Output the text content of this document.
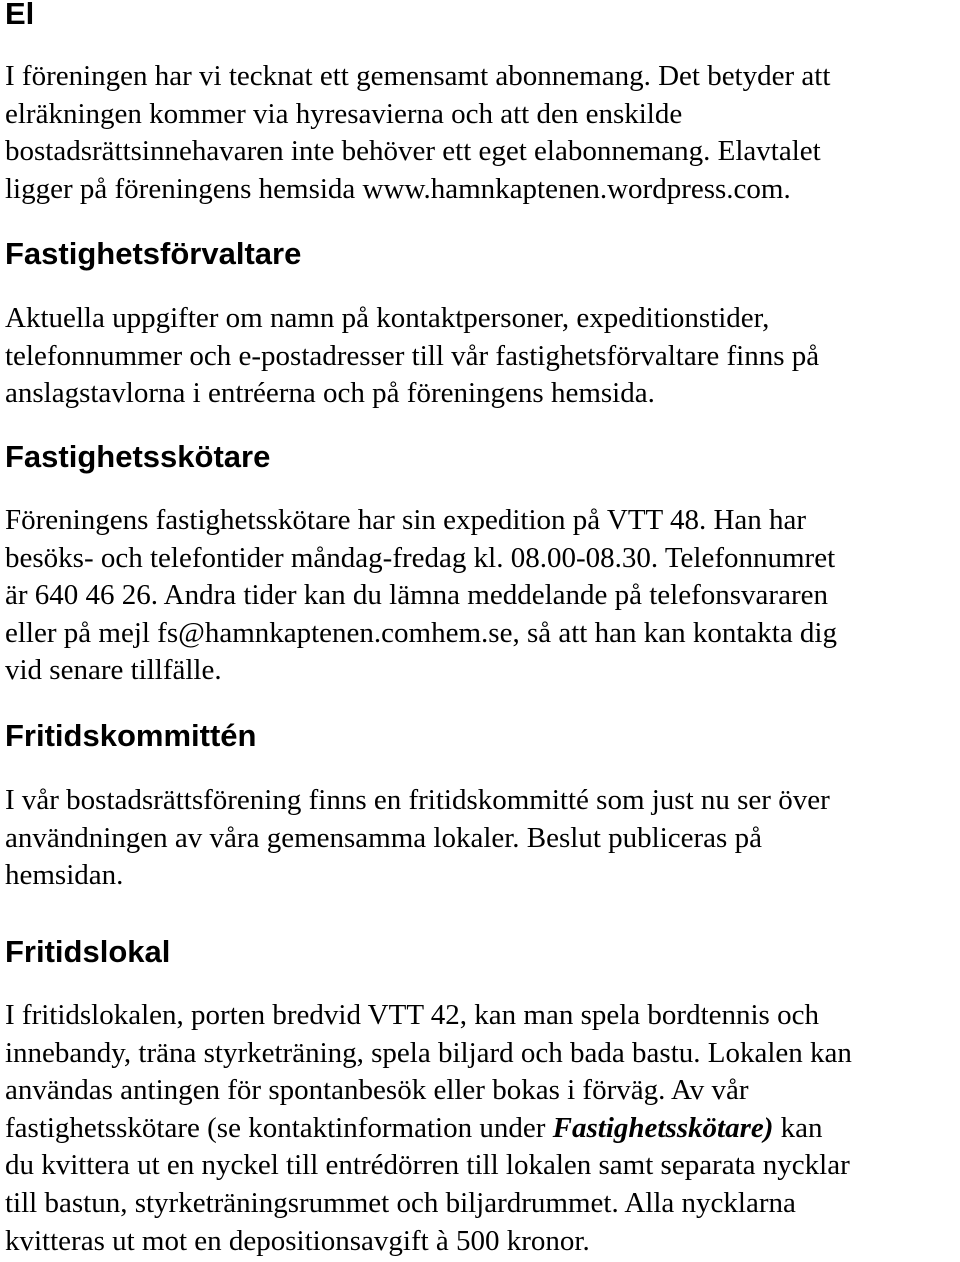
El

I föreningen har vi tecknat ett gemensamt abonnemang. Det betyder att
elräkningen kommer via hyresavierna och att den enskilde
bostadsrättsinnehavaren inte behöver ett eget elabonnemang. Elavtalet
ligger på föreningens hemsida www.hamnkaptenen.wordpress.com.

Fastighetsförvaltare

Aktuella uppgifter om namn på kontaktpersoner, expeditionstider,
telefonnummer och e-postadresser till vår fastighetsförvaltare finns på
anslagstavlorna i entréerna och på föreningens hemsida.

Fastighetsskötare

Föreningens fastighetsskötare har sin expedition på VTT 48. Han har
besöks- och telefontider måndag-fredag kl. 08.00-08.30. Telefonnumret
är 640 46 26. Andra tider kan du lämna meddelande på telefonsvararen
eller på mejl fs@hamnkaptenen.comhem.se, så att han kan kontakta dig
vid senare tillfälle.

Fritidskommittén

I vår bostadsrättsförening finns en fritidskommitté som just nu ser över
användningen av våra gemensamma lokaler. Beslut publiceras på
hemsidan.

Fritidslokal

I fritidslokalen, porten bredvid VTT 42, kan man spela bordtennis och
innebandy, träna styrketräning, spela biljard och bada bastu. Lokalen kan
användas antingen för spontanbesök eller bokas i förväg. Av vår
fastighetsskötare (se kontaktinformation under Fastighetsskötare) kan
du kvittera ut en nyckel till entrédörren till lokalen samt separata nycklar
till bastun, styrketräningsrummet och biljardrummet. Alla nycklarna
kvitteras ut mot en depositionsavgift à 500 kronor.
